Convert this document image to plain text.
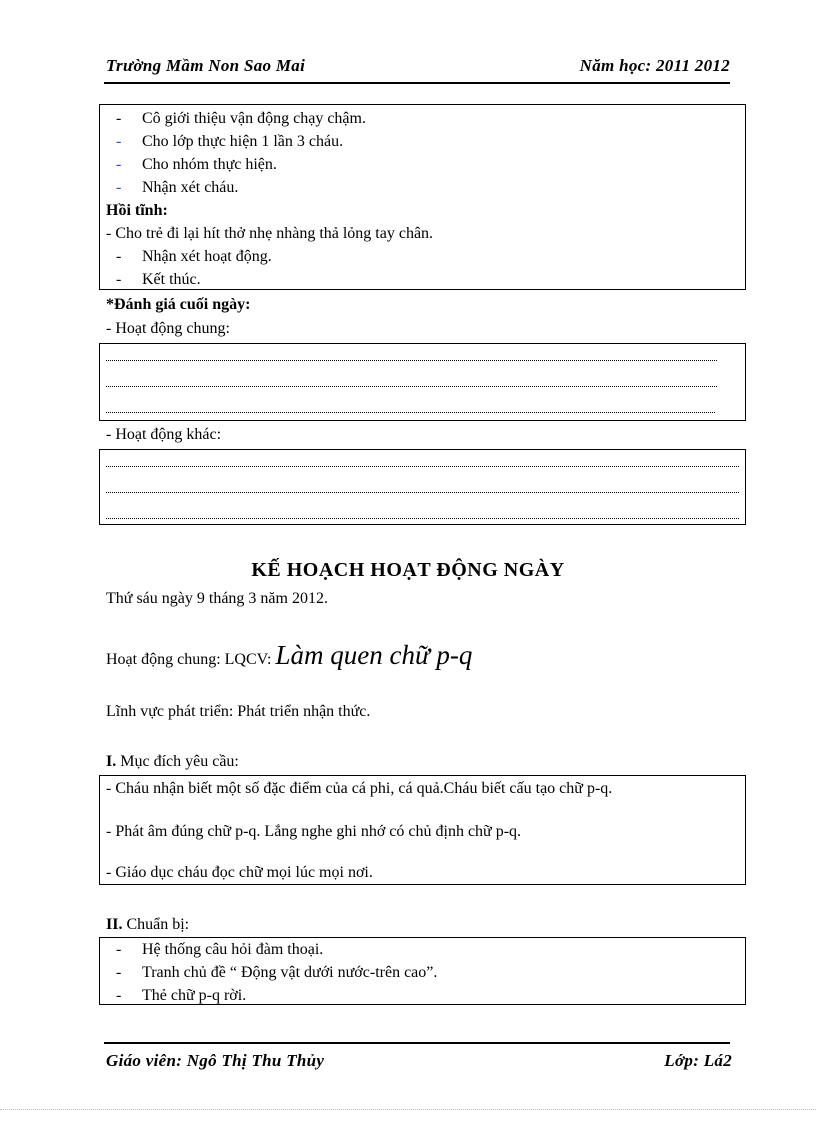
Trường Mầm Non Sao Mai	Năm học: 2011 2012
- Cô giới thiệu vận động chạy chậm.
- Cho lớp thực hiện 1 lần 3 cháu.
- Cho nhóm thực hiện.
- Nhận xét cháu.
Hồi tĩnh:
- Cho trẻ đi lại hít thở nhẹ nhàng thả lỏng tay chân.
- Nhận xét hoạt động.
- Kết thúc.
*Đánh giá cuối ngày:
- Hoạt động chung:
- Hoạt động khác:
KẾ HOẠCH HOẠT ĐỘNG NGÀY
Thứ sáu ngày 9 tháng 3 năm 2012.
Hoạt động chung: LQCV: Làm quen chữ p-q
Lĩnh vực phát triển: Phát triển nhận thức.
I. Mục đích yêu cầu:
- Cháu nhận biết một số đặc điểm của cá phi, cá quả.Cháu biết cấu tạo chữ p-q.
- Phát âm đúng chữ p-q. Lắng nghe ghi nhớ có chủ định chữ p-q.
- Giáo dục cháu đọc chữ mọi lúc mọi nơi.
II. Chuẩn bị:
- Hệ thống câu hỏi đàm thoại.
- Tranh chủ đề “ Động vật dưới nước-trên cao”.
- Thẻ chữ p-q rời.
Giáo viên: Ngô Thị Thu Thủy	Lớp: Lá2
